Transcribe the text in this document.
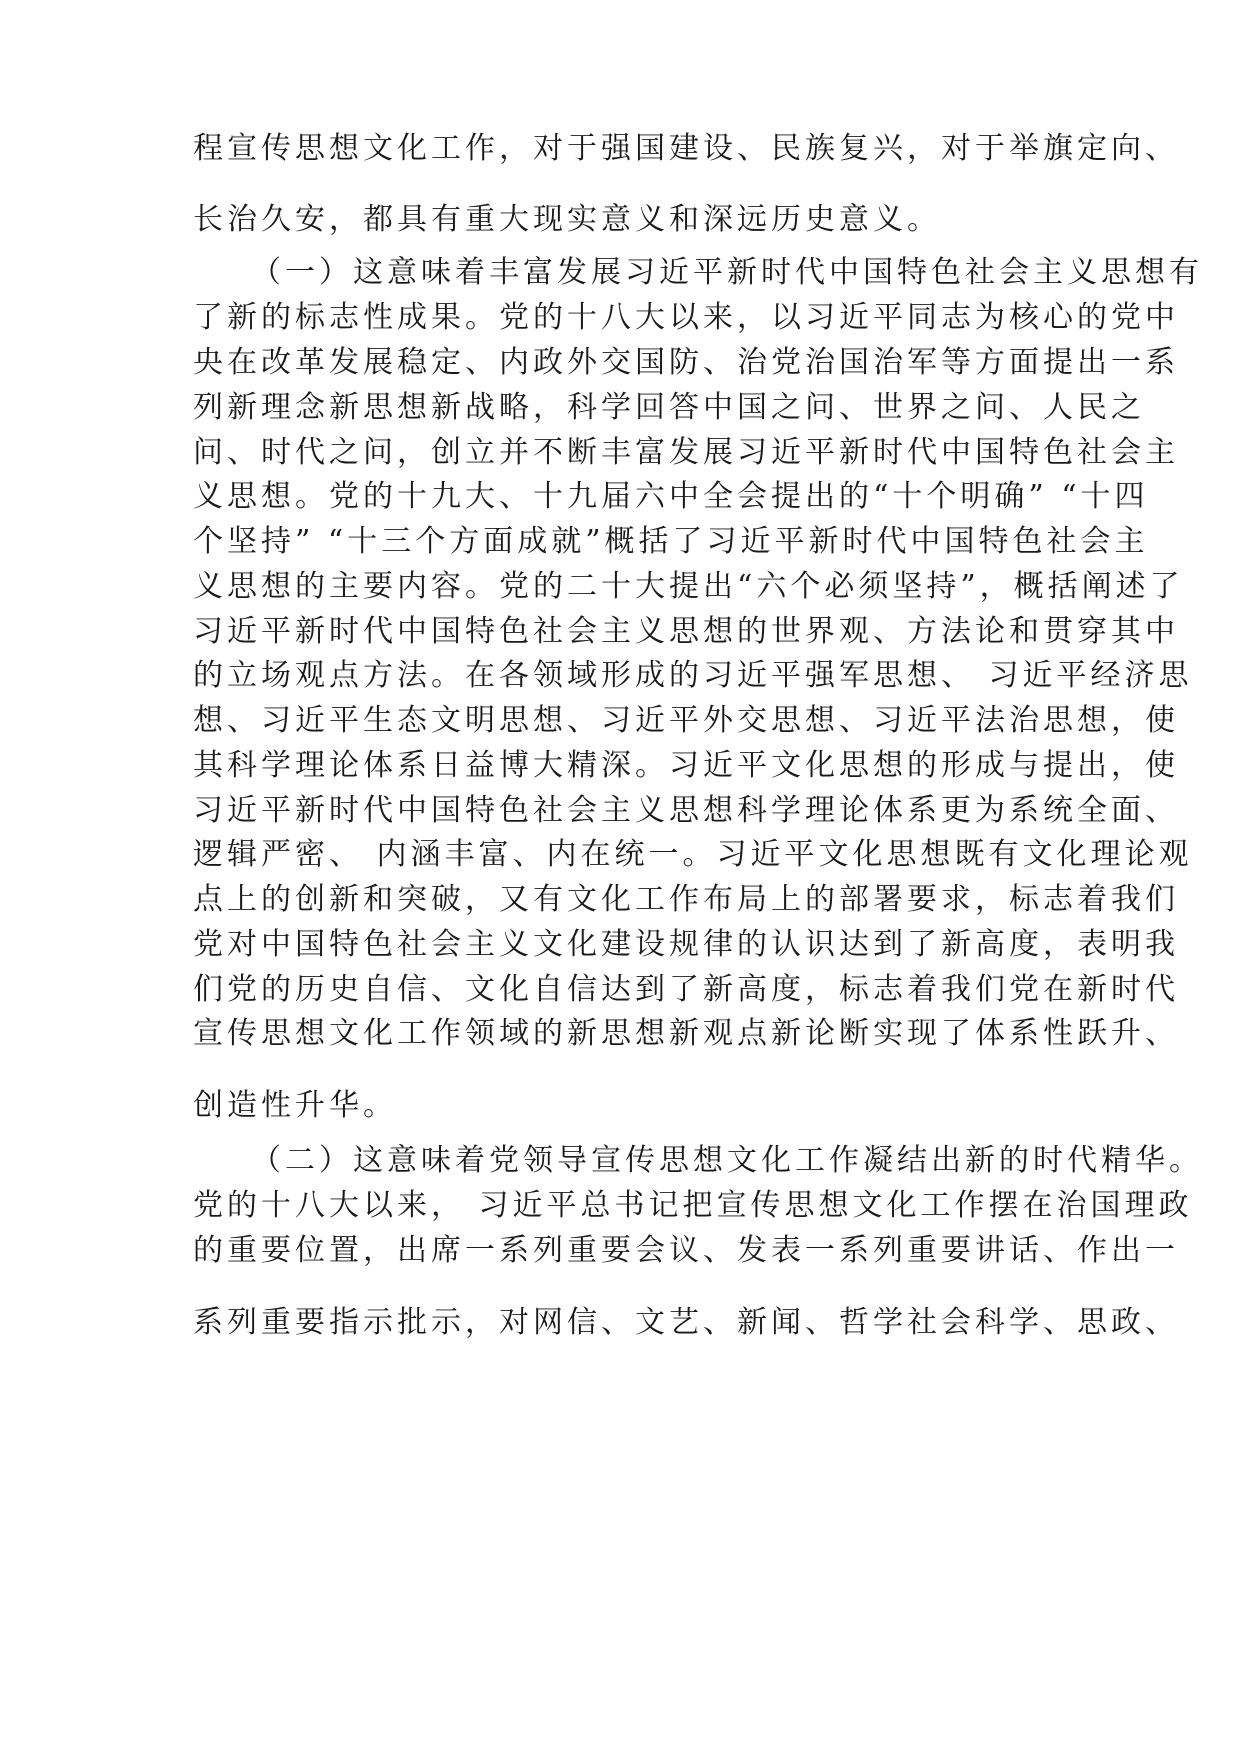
程宣传思想文化工作，对于强国建设、民族复兴，对于举旗定向、
长治久安，都具有重大现实意义和深远历史意义。
（一）这意味着丰富发展习近平新时代中国特色社会主义思想有
了新的标志性成果。党的十八大以来，以习近平同志为核心的党中
央在改革发展稳定、内政外交国防、治党治国治军等方面提出一系
列新理念新思想新战略，科学回答中国之问、世界之问、人民之
问、时代之问，创立并不断丰富发展习近平新时代中国特色社会主
义思想。党的十九大、十九届六中全会提出的“十个明确” “十四
个坚持” “十三个方面成就”概括了习近平新时代中国特色社会主
义思想的主要内容。党的二十大提出“六个必须坚持”，概括阐述了
习近平新时代中国特色社会主义思想的世界观、方法论和贯穿其中
的立场观点方法。在各领域形成的习近平强军思想、 习近平经济思
想、习近平生态文明思想、习近平外交思想、习近平法治思想，使
其科学理论体系日益博大精深。习近平文化思想的形成与提出，使
习近平新时代中国特色社会主义思想科学理论体系更为系统全面、
逻辑严密、 内涵丰富、内在统一。习近平文化思想既有文化理论观
点上的创新和突破，又有文化工作布局上的部署要求，标志着我们
党对中国特色社会主义文化建设规律的认识达到了新高度，表明我
们党的历史自信、文化自信达到了新高度，标志着我们党在新时代
宣传思想文化工作领域的新思想新观点新论断实现了体系性跃升、
创造性升华。
（二）这意味着党领导宣传思想文化工作凝结出新的时代精华。
党的十八大以来， 习近平总书记把宣传思想文化工作摆在治国理政
的重要位置，出席一系列重要会议、发表一系列重要讲话、作出一
系列重要指示批示，对网信、文艺、新闻、哲学社会科学、思政、
